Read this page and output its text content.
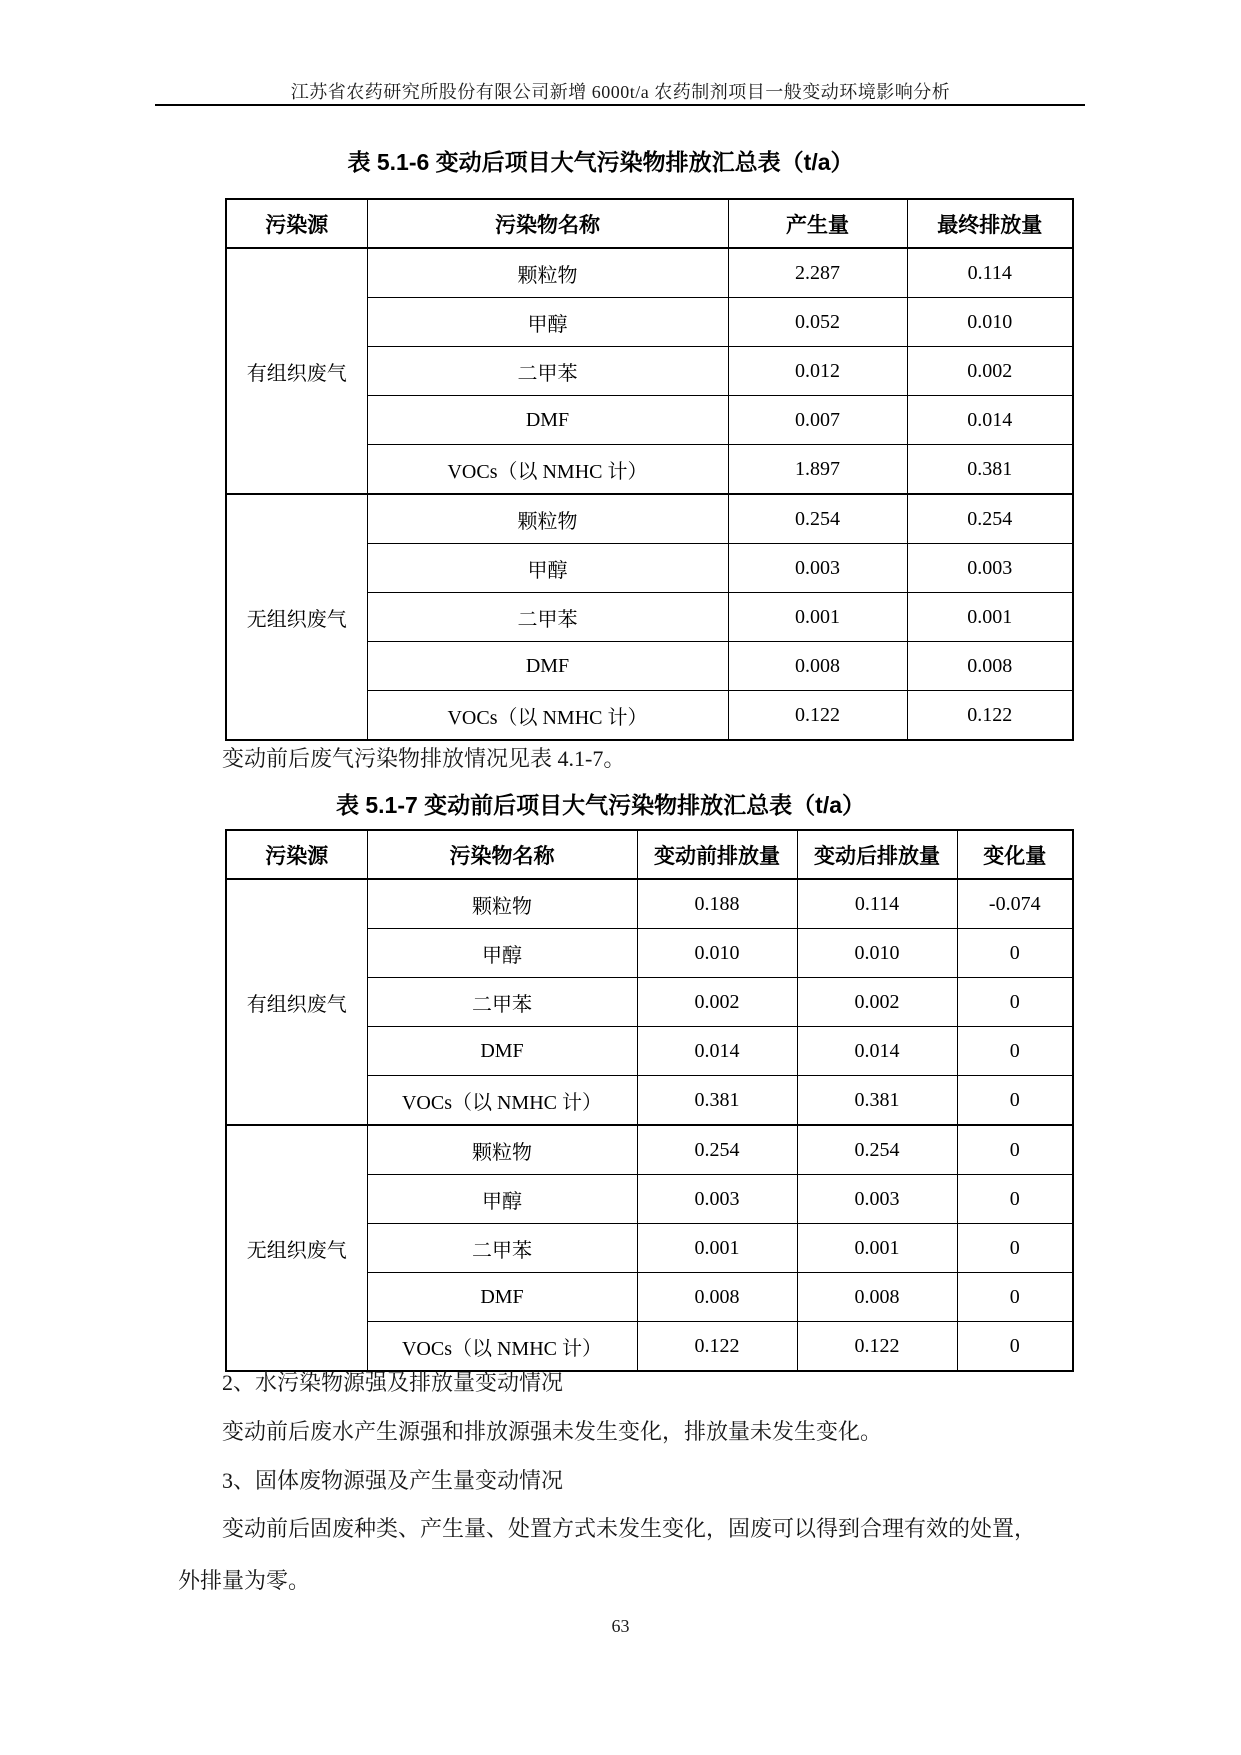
江苏省农药研究所股份有限公司新增 6000t/a 农药制剂项目一般变动环境影响分析
表 5.1-6 变动后项目大气污染物排放汇总表（t/a）
污染源	污染物名称	产生量	最终排放量
有组织废气	颗粒物	2.287	0.114
	甲醇	0.052	0.010
	二甲苯	0.012	0.002
	DMF	0.007	0.014
	VOCs（以 NMHC 计）	1.897	0.381
无组织废气	颗粒物	0.254	0.254
	甲醇	0.003	0.003
	二甲苯	0.001	0.001
	DMF	0.008	0.008
	VOCs（以 NMHC 计）	0.122	0.122

变动前后废气污染物排放情况见表 4.1-7。

表 5.1-7 变动前后项目大气污染物排放汇总表（t/a）
污染源	污染物名称	变动前排放量	变动后排放量	变化量
有组织废气	颗粒物	0.188	0.114	-0.074
	甲醇	0.010	0.010	0
	二甲苯	0.002	0.002	0
	DMF	0.014	0.014	0
	VOCs（以 NMHC 计）	0.381	0.381	0
无组织废气	颗粒物	0.254	0.254	0
	甲醇	0.003	0.003	0
	二甲苯	0.001	0.001	0
	DMF	0.008	0.008	0
	VOCs（以 NMHC 计）	0.122	0.122	0

2、水污染物源强及排放量变动情况

变动前后废水产生源强和排放源强未发生变化，排放量未发生变化。

3、固体废物源强及产生量变动情况

变动前后固废种类、产生量、处置方式未发生变化，固废可以得到合理有效的处置，

外排量为零。

63
